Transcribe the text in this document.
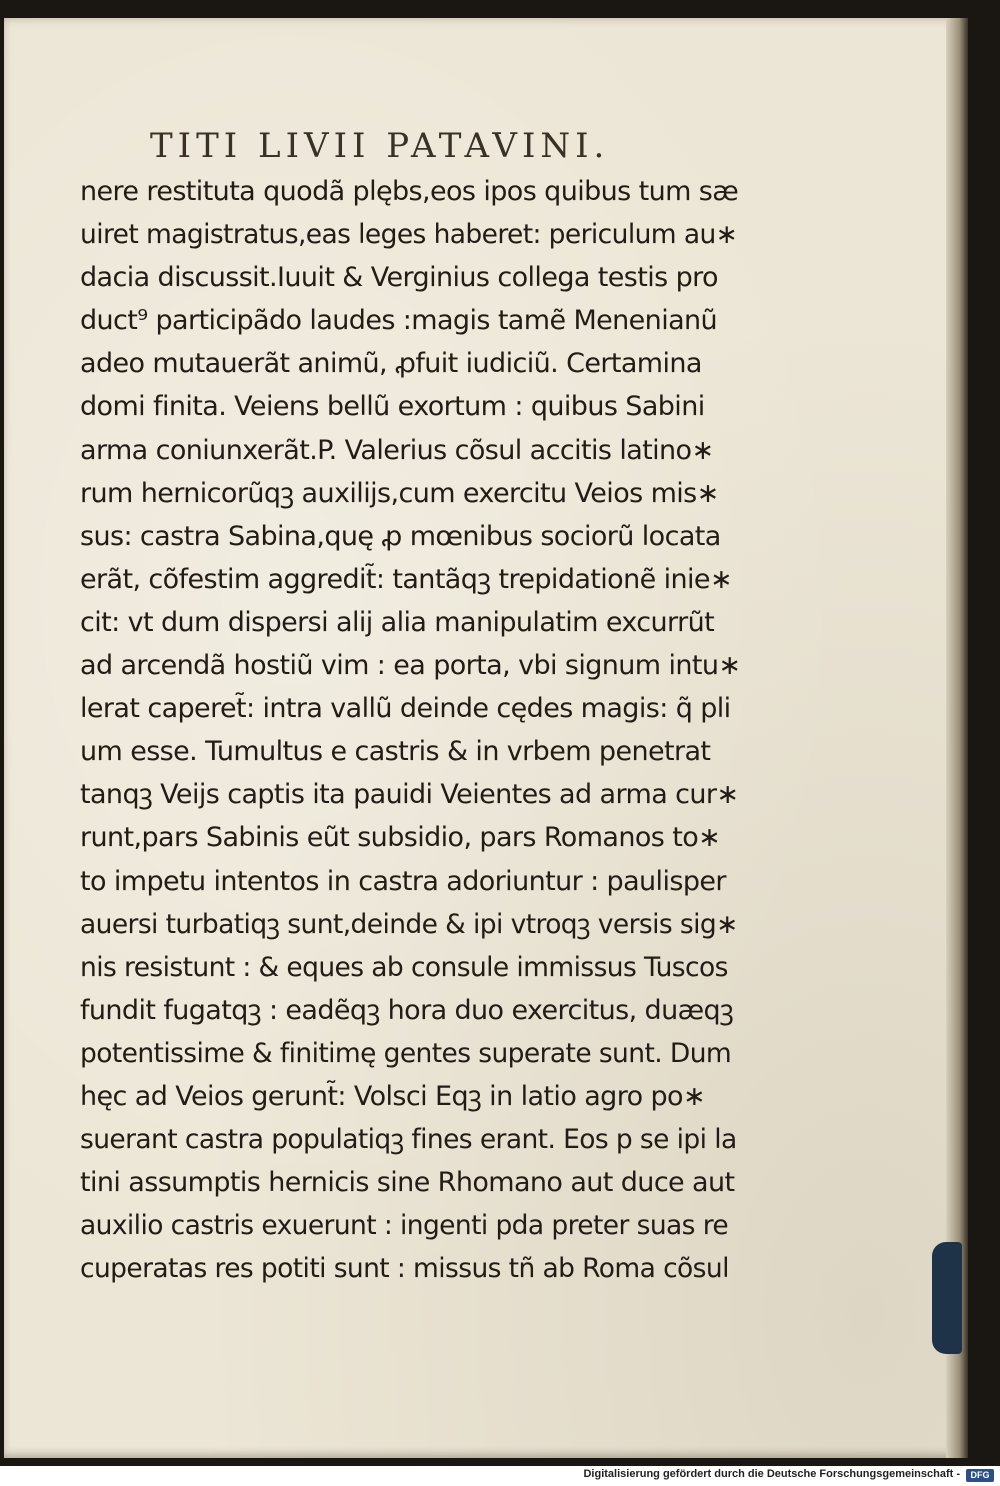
TITI LIVII PATAVINI.
nere restituta quodã plębs,eos ipos quibus tum sæ
uiret magistratus,eas leges haberet: periculum au∗
dacia discussit.Iuuit & Verginius collega testis pro
duct⁹ participãdo laudes :magis tamẽ Menenianũ
adeo mutauerãt animũ, ꝓfuit iudiciũ. Certamina
domi finita. Veiens bellũ exortum : quibus Sabini
arma coniunxerãt.P. Valerius cõsul accitis latino∗
rum hernicorũqꝫ auxilijs,cum exercitu Veios mis∗
sus: castra Sabina,quę ꝓ mœnibus sociorũ locata
erãt, cõfestim aggredit̃: tantãqꝫ trepidationẽ inie∗
cit: vt dum dispersi alij alia manipulatim excurrũt
ad arcendã hostiũ vim : ea porta, vbi signum intu∗
lerat caperet̃: intra vallũ deinde cędes magis: q̃ pli
um esse. Tumultus e castris & in vrbem penetrat
tanqꝫ Veijs captis ita pauidi Veientes ad arma cur∗
runt,pars Sabinis eũt subsidio, pars Romanos to∗
to impetu intentos in castra adoriuntur : paulisper
auersi turbatiqꝫ sunt,deinde & ipi vtroqꝫ versis sig∗
nis resistunt : & eques ab consule immissus Tuscos
fundit fugatqꝫ : eadẽqꝫ hora duo exercitus, duæqꝫ
potentissime & finitimę gentes superate sunt. Dum
hęc ad Veios gerunt̃: Volsci Eqꝫ in latio agro po∗
suerant castra populatiqꝫ fines erant. Eos p se ipi la
tini assumptis hernicis sine Rhomano aut duce aut
auxilio castris exuerunt : ingenti pda preter suas re
cuperatas res potiti sunt : missus tñ ab Roma cõsul
Digitalisierung gefördert durch die Deutsche Forschungsgemeinschaft -	DFG
